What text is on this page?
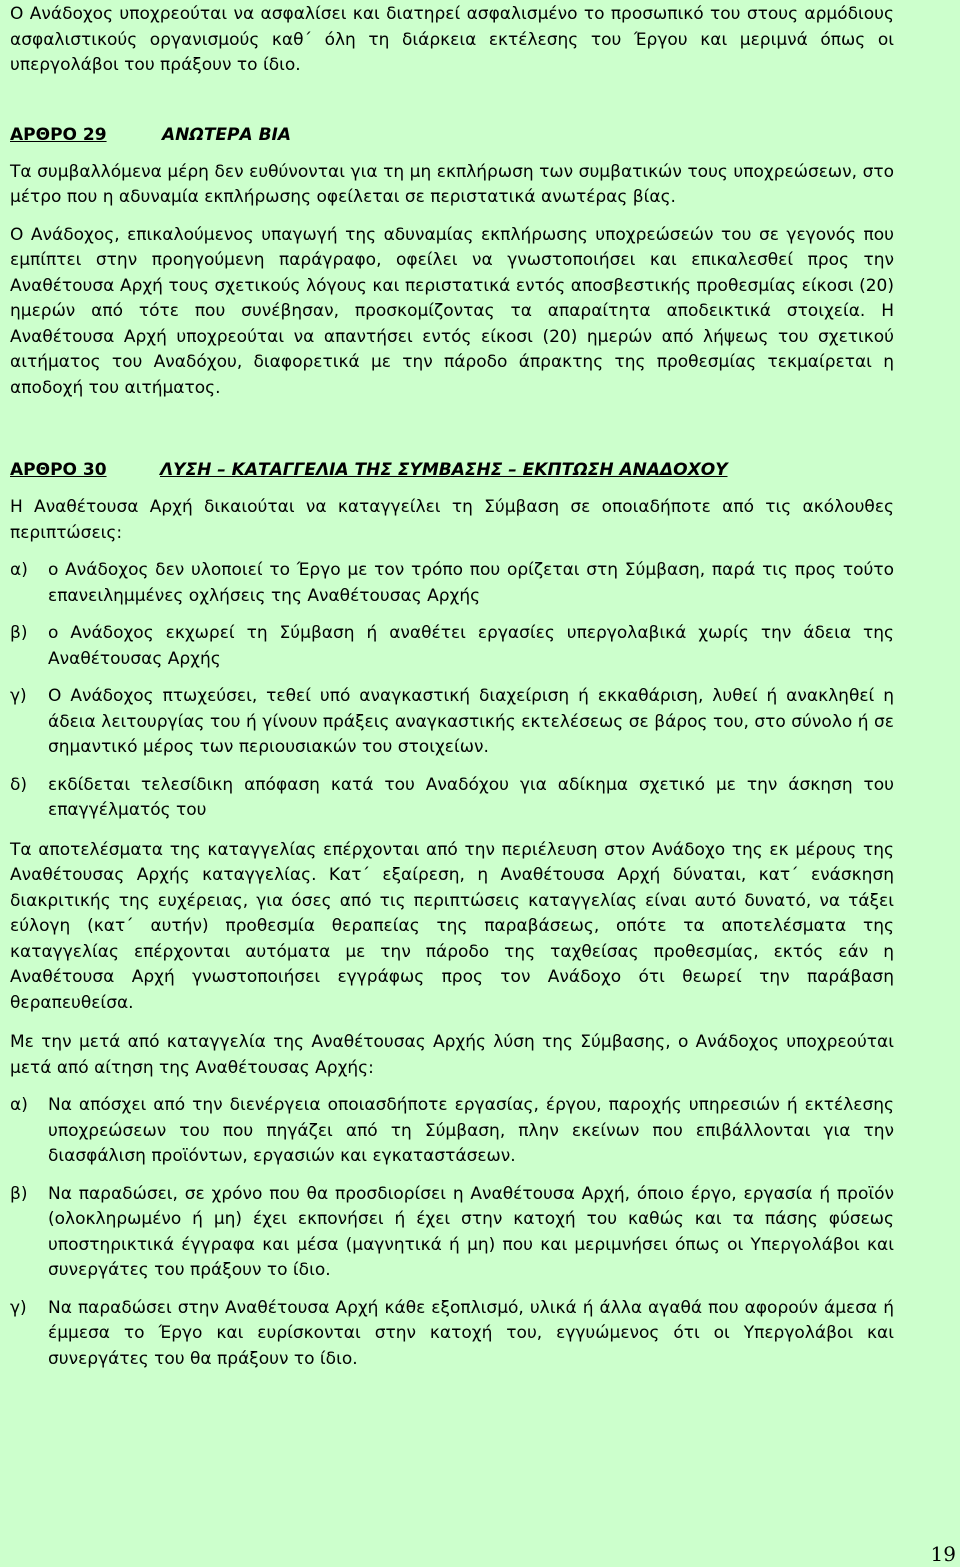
Ο Ανάδοχος υποχρεούται να ασφαλίσει και διατηρεί ασφαλισμένο το προσωπικό του στους αρμόδιους ασφαλιστικούς οργανισμούς καθ΄ όλη τη διάρκεια εκτέλεσης του Έργου και μεριμνά όπως οι υπεργολάβοι του πράξουν το ίδιο.

ΑΡΘΡΟ 29	ΑΝΩΤΕΡΑ ΒΙΑ

Τα συμβαλλόμενα μέρη δεν ευθύνονται για τη μη εκπλήρωση των συμβατικών τους υποχρεώσεων, στο μέτρο που η αδυναμία εκπλήρωσης οφείλεται σε περιστατικά ανωτέρας βίας.

Ο Ανάδοχος, επικαλούμενος υπαγωγή της αδυναμίας εκπλήρωσης υποχρεώσεών του σε γεγονός που εμπίπτει στην προηγούμενη παράγραφο, οφείλει να γνωστοποιήσει και επικαλεσθεί προς την Αναθέτουσα Αρχή τους σχετικούς λόγους και περιστατικά εντός αποσβεστικής προθεσμίας είκοσι (20) ημερών από τότε που συνέβησαν, προσκομίζοντας τα απαραίτητα αποδεικτικά στοιχεία. Η Αναθέτουσα Αρχή υποχρεούται να απαντήσει εντός είκοσι (20) ημερών από λήψεως του σχετικού αιτήματος του Αναδόχου, διαφορετικά με την πάροδο άπρακτης της προθεσμίας τεκμαίρεται η αποδοχή του αιτήματος.

ΑΡΘΡΟ 30	ΛΥΣΗ – ΚΑΤΑΓΓΕΛΙΑ ΤΗΣ ΣΥΜΒΑΣΗΣ – ΕΚΠΤΩΣΗ ΑΝΑΔΟΧΟΥ

Η Αναθέτουσα Αρχή δικαιούται να καταγγείλει τη Σύμβαση σε οποιαδήποτε από τις ακόλουθες περιπτώσεις:

α)	ο Ανάδοχος δεν υλοποιεί το Έργο με τον τρόπο που ορίζεται στη Σύμβαση, παρά τις προς τούτο επανειλημμένες οχλήσεις της Αναθέτουσας Αρχής
β)	ο Ανάδοχος εκχωρεί τη Σύμβαση ή αναθέτει εργασίες υπεργολαβικά χωρίς την άδεια της Αναθέτουσας Αρχής
γ)	Ο Ανάδοχος πτωχεύσει, τεθεί υπό αναγκαστική διαχείριση ή εκκαθάριση, λυθεί ή ανακληθεί η άδεια λειτουργίας του ή γίνουν πράξεις αναγκαστικής εκτελέσεως σε βάρος του, στο σύνολο ή σε σημαντικό μέρος των περιουσιακών του στοιχείων.
δ)	εκδίδεται τελεσίδικη απόφαση κατά του Αναδόχου για αδίκημα σχετικό με την άσκηση του επαγγέλματός του

Τα αποτελέσματα της καταγγελίας επέρχονται από την περιέλευση στον Ανάδοχο της εκ μέρους της Αναθέτουσας Αρχής καταγγελίας. Κατ΄ εξαίρεση, η Αναθέτουσα Αρχή δύναται, κατ΄ ενάσκηση διακριτικής της ευχέρειας, για όσες από τις περιπτώσεις καταγγελίας είναι αυτό δυνατό, να τάξει εύλογη (κατ΄ αυτήν) προθεσμία θεραπείας της παραβάσεως, οπότε τα αποτελέσματα της καταγγελίας επέρχονται αυτόματα με την πάροδο της ταχθείσας προθεσμίας, εκτός εάν η Αναθέτουσα Αρχή γνωστοποιήσει εγγράφως προς τον Ανάδοχο ότι θεωρεί την παράβαση θεραπευθείσα.

Με την μετά από καταγγελία της Αναθέτουσας Αρχής λύση της Σύμβασης, ο Ανάδοχος υποχρεούται μετά από αίτηση της Αναθέτουσας Αρχής:

α)	Να απόσχει από την διενέργεια οποιασδήποτε εργασίας, έργου, παροχής υπηρεσιών ή εκτέλεσης υποχρεώσεων του που πηγάζει από τη Σύμβαση, πλην εκείνων που επιβάλλονται για την διασφάλιση προϊόντων, εργασιών και εγκαταστάσεων.
β)	Να παραδώσει, σε χρόνο που θα προσδιορίσει η Αναθέτουσα Αρχή, όποιο έργο, εργασία ή προϊόν (ολοκληρωμένο ή μη) έχει εκπονήσει ή έχει στην κατοχή του καθώς και τα πάσης φύσεως υποστηρικτικά έγγραφα και μέσα (μαγνητικά ή μη) που και μεριμνήσει όπως οι Υπεργολάβοι και συνεργάτες του πράξουν το ίδιο.
γ)	Να παραδώσει στην Αναθέτουσα Αρχή κάθε εξοπλισμό, υλικά ή άλλα αγαθά που αφορούν άμεσα ή έμμεσα το Έργο και ευρίσκονται στην κατοχή του, εγγυώμενος ότι οι Υπεργολάβοι και συνεργάτες του θα πράξουν το ίδιο.
19
